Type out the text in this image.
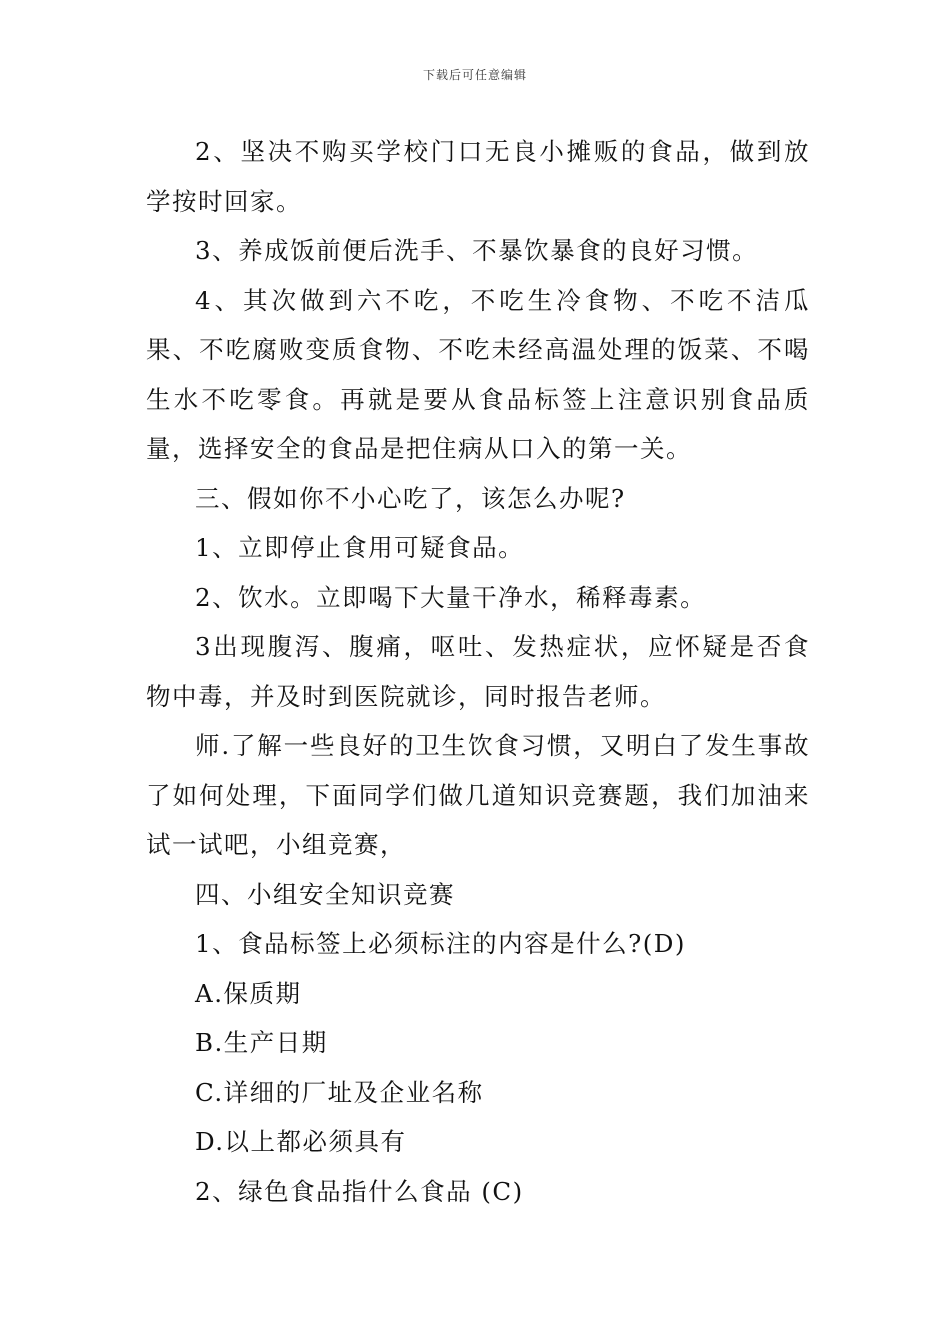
下载后可任意编辑

2、坚决不购买学校门口无良小摊贩的食品，做到放学按时回家。

3、养成饭前便后洗手、不暴饮暴食的良好习惯。

4、其次做到六不吃，不吃生冷食物、不吃不洁瓜果、不吃腐败变质食物、不吃未经高温处理的饭菜、不喝生水不吃零食。再就是要从食品标签上注意识别食品质量，选择安全的食品是把住病从口入的第一关。

三、假如你不小心吃了，该怎么办呢?

1、立即停止食用可疑食品。

2、饮水。立即喝下大量干净水，稀释毒素。

3出现腹泻、腹痛，呕吐、发热症状，应怀疑是否食物中毒，并及时到医院就诊，同时报告老师。

师.了解一些良好的卫生饮食习惯，又明白了发生事故了如何处理，下面同学们做几道知识竞赛题，我们加油来试一试吧，小组竞赛，

四、小组安全知识竞赛

1、食品标签上必须标注的内容是什么?(D)

A.保质期

B.生产日期

C.详细的厂址及企业名称

D.以上都必须具有

2、绿色食品指什么食品 (C)
